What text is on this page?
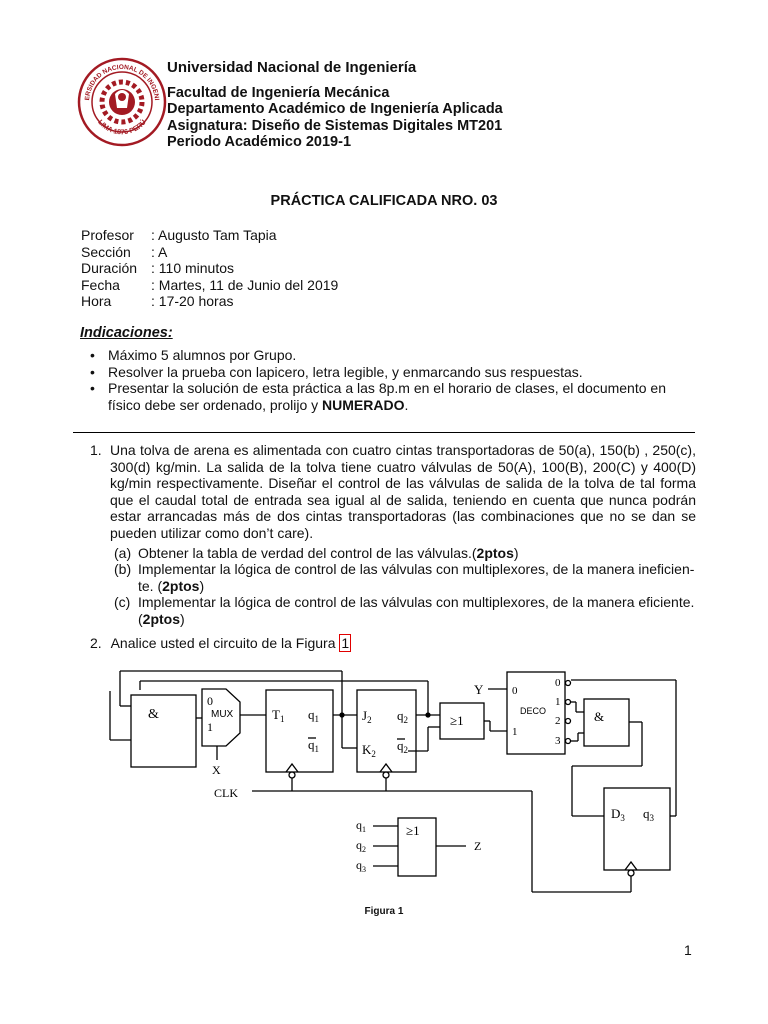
ERSIDAD NACIONAL DE INGENI
LIMA 1876 PERÚ
Universidad Nacional de Ingeniería
Facultad de Ingeniería Mecánica
Departamento Académico de Ingeniería Aplicada
Asignatura: Diseño de Sistemas Digitales MT201
Periodo Académico 2019-1
PRÁCTICA CALIFICADA NRO. 03
Profesor : Augusto Tam Tapia
Sección : A
Duración : 110 minutos
Fecha : Martes, 11 de Junio del 2019
Hora	: 17-20 horas
Indicaciones:
• Máximo 5 alumnos por Grupo.
• Resolver la prueba con lapicero, letra legible, y enmarcando sus respuestas.
• Presentar la solución de esta práctica a las 8p.m en el horario de clases, el documento en físico debe ser ordenado, prolijo y NUMERADO.
1. Una tolva de arena es alimentada con cuatro cintas transportadoras de 50(a), 150(b) , 250(c), 300(d) kg/min. La salida de la tolva tiene cuatro válvulas de 50(A), 100(B), 200(C) y 400(D) kg/min respectivamente. Diseñar el control de las válvulas de salida de la tolva de tal forma que el caudal total de entrada sea igual al de salida, teniendo en cuenta que nunca podrán estar arrancadas más de dos cintas transportadoras (las combinaciones que no se dan se pueden utilizar como don’t care).
(a) Obtener la tabla de verdad del control de las válvulas.(2ptos)
(b) Implementar la lógica de control de las válvulas con multiplexores, de la manera ineficien-te. (2ptos)
(c) Implementar la lógica de control de las válvulas con multiplexores, de la manera eficiente. (2ptos)
2. Analice usted el circuito de la Figura 1
&
0
MUX
1
$T_1$ $q_1$
$q_1$
$J_2$
$K_2$
$q_2$
$q_2$
≥1
DECO
0
1
0
1
2
3
Y
&
$D_3$ $q_3$
≥1
$q_1$
$q_2$
$q_3$
Z
X
CLK
Figura 1
1
